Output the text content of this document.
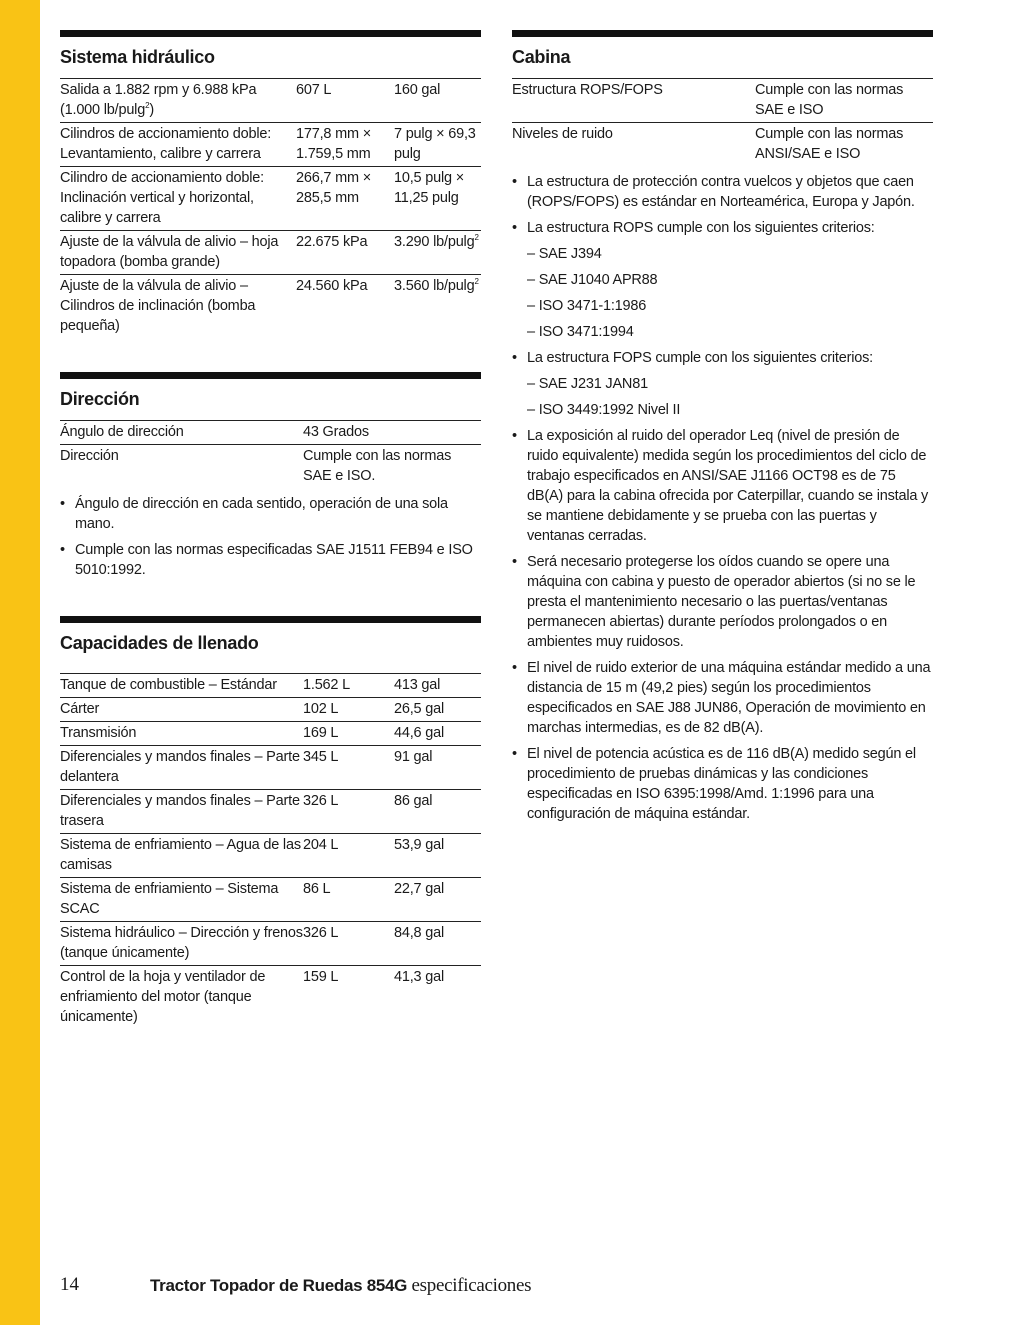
Sistema hidráulico
Salida a 1.882 rpm y 6.988 kPa (1.000 lb/pulg$^2$)	607 L	160 gal
Cilindros de accionamiento doble: Levantamiento, calibre y carrera	177,8 mm × 1.759,5 mm	7 pulg × 69,3 pulg
Cilindro de accionamiento doble: Inclinación vertical y horizontal, calibre y carrera	266,7 mm × 285,5 mm	10,5 pulg × 11,25 pulg
Ajuste de la válvula de alivio – hoja topadora (bomba grande)	22.675 kPa	3.290 lb/pulg$^2$
Ajuste de la válvula de alivio – Cilindros de inclinación (bomba pequeña)	24.560 kPa	3.560 lb/pulg$^2$
Dirección
Ángulo de dirección	43 Grados
Dirección	Cumple con las normas SAE e ISO.
• Ángulo de dirección en cada sentido, operación de una sola mano.
• Cumple con las normas especificadas SAE J1511 FEB94 e ISO 5010:1992.
Capacidades de llenado
Tanque de combustible – Estándar	1.562 L	413 gal
Cárter	102 L	26,5 gal
Transmisión	169 L	44,6 gal
Diferenciales y mandos finales – Parte delantera	345 L	91 gal
Diferenciales y mandos finales – Parte trasera	326 L	86 gal
Sistema de enfriamiento – Agua de las camisas	204 L	53,9 gal
Sistema de enfriamiento – Sistema SCAC	86 L	22,7 gal
Sistema hidráulico – Dirección y frenos (tanque únicamente)	326 L	84,8 gal
Control de la hoja y ventilador de enfriamiento del motor (tanque únicamente)	159 L	41,3 gal
Cabina
Estructura ROPS/FOPS	Cumple con las normas SAE e ISO
Niveles de ruido	Cumple con las normas ANSI/SAE e ISO
• La estructura de protección contra vuelcos y objetos que caen (ROPS/FOPS) es estándar en Norteamérica, Europa y Japón.
• La estructura ROPS cumple con los siguientes criterios:
– SAE J394
– SAE J1040 APR88
– ISO 3471-1:1986
– ISO 3471:1994
• La estructura FOPS cumple con los siguientes criterios:
– SAE J231 JAN81
– ISO 3449:1992 Nivel II
• La exposición al ruido del operador Leq (nivel de presión de ruido equivalente) medida según los procedimientos del ciclo de trabajo especificados en ANSI/SAE J1166 OCT98 es de 75 dB(A) para la cabina ofrecida por Caterpillar, cuando se instala y se mantiene debidamente y se prueba con las puertas y ventanas cerradas.
• Será necesario protegerse los oídos cuando se opere una máquina con cabina y puesto de operador abiertos (si no se le presta el mantenimiento necesario o las puertas/ventanas permanecen abiertas) durante períodos prolongados o en ambientes muy ruidosos.
• El nivel de ruido exterior de una máquina estándar medido a una distancia de 15 m (49,2 pies) según los procedimientos especificados en SAE J88 JUN86, Operación de movimiento en marchas intermedias, es de 82 dB(A).
• El nivel de potencia acústica es de 116 dB(A) medido según el procedimiento de pruebas dinámicas y las condiciones especificadas en ISO 6395:1998/Amd. 1:1996 para una configuración de máquina estándar.
14	Tractor Topador de Ruedas 854G especificaciones
